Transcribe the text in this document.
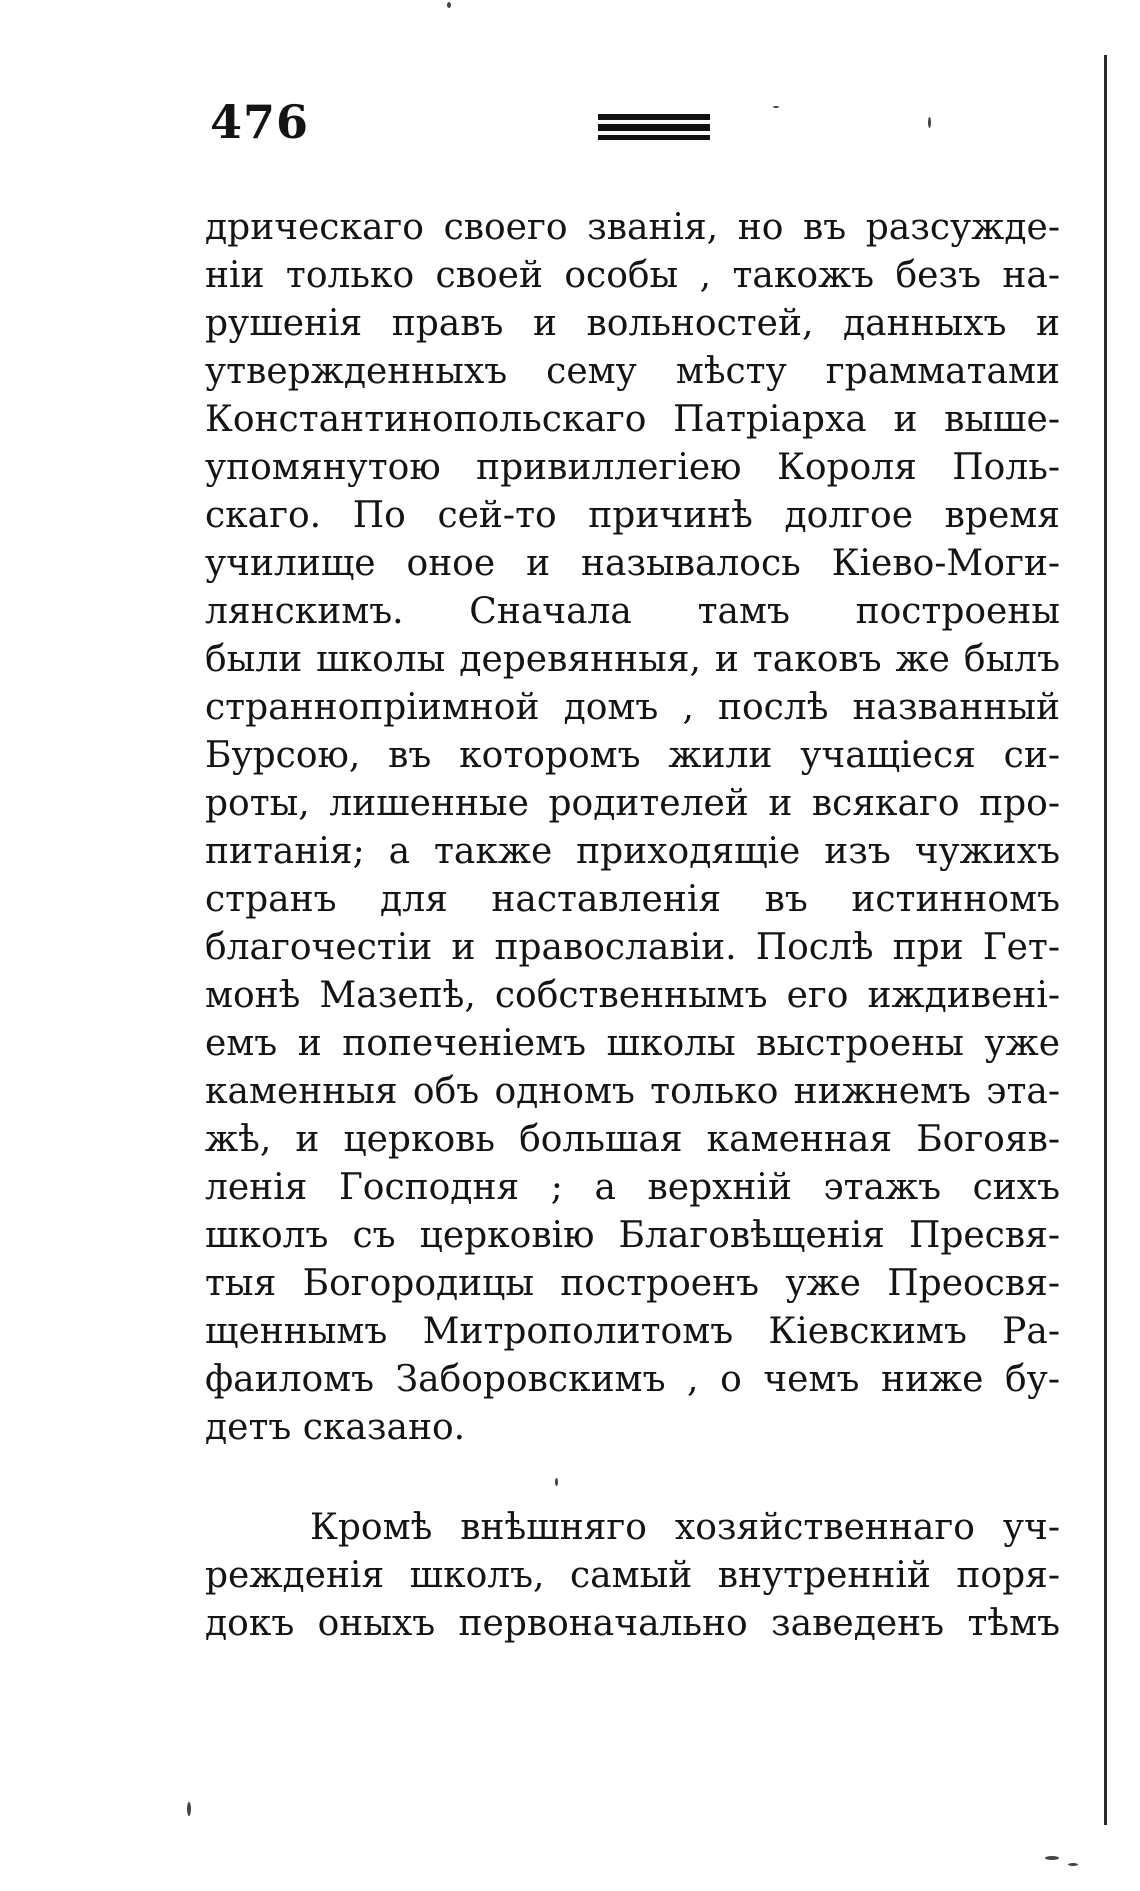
476
дрическаго своего званія, но въ разсужде-
ніи только своей особы , такожъ безъ на-
рушенія правъ и вольностей, данныхъ и
утвержденныхъ сему мѣсту грамматами
Константинопольскаго Патріарха и выше-
упомянутою привиллегіею Короля Поль-
скаго. По сей-то причинѣ долгое время
училище оное и называлось Кіево-Моги-
лянскимъ. Сначала тамъ построены
были школы деревянныя, и таковъ же былъ
страннопріимной домъ , послѣ названный
Бурсою, въ которомъ жили учащіеся си-
роты, лишенные родителей и всякаго про-
питанія; а также приходящіе изъ чужихъ
странъ для наставленія въ истинномъ
благочестіи и православіи. Послѣ при Гет-
монѣ Мазепѣ, собственнымъ его иждивені-
емъ и попеченіемъ школы выстроены уже
каменныя объ одномъ только нижнемъ эта-
жѣ, и церковь большая каменная Богояв-
ленія Господня ; а верхній этажъ сихъ
школъ съ церковію Благовѣщенія Пресвя-
тыя Богородицы построенъ уже Преосвя-
щеннымъ Митрополитомъ Кіевскимъ Ра-
фаиломъ Заборовскимъ , о чемъ ниже бу-
детъ сказано.
Кромѣ внѣшняго хозяйственнаго уч-
режденія школъ, самый внутренній поря-
докъ оныхъ первоначально заведенъ тѣмъ
